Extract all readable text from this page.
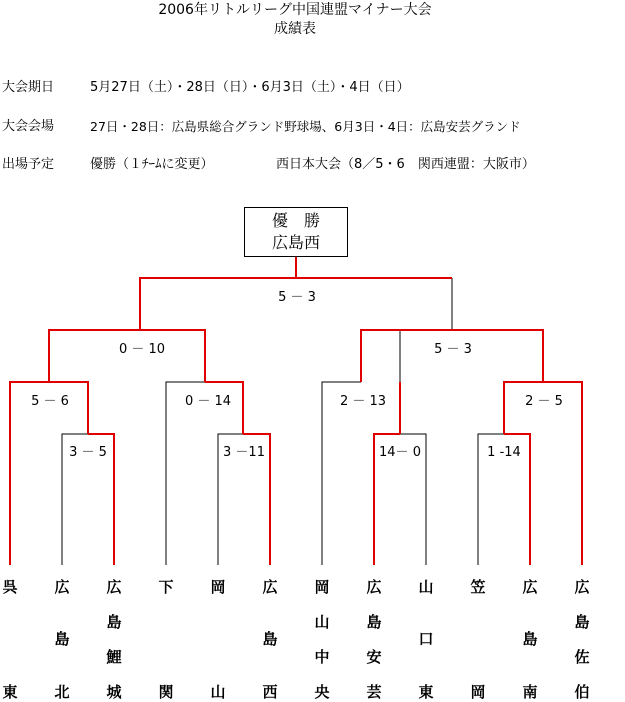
2006年リトルリーグ中国連盟マイナー大会
成績表
大会期日	5月27日（土）・28日（日）・6月3日（土）・4日（日）
大会会場	27日・28日：広島県総合グランド野球場、6月3日・4日：広島安芸グランド
出場予定	優勝（１ﾁｰﾑに変更）	西日本大会（8／5・6　関西連盟：大阪市）
優　勝
広島西
5 － 3
0 － 10	5 － 3
5 － 6	0 － 14	2 － 13	2 － 5
3 － 5	3 －11	14－ 0	1 -14
呉
東
広
島
北
広
島
鯉
城
下
関
岡
山
広
島
西
岡
山
中
央
広
島
安
芸
山
口
東
笠
岡
広
島
南
広
島
佐
伯
